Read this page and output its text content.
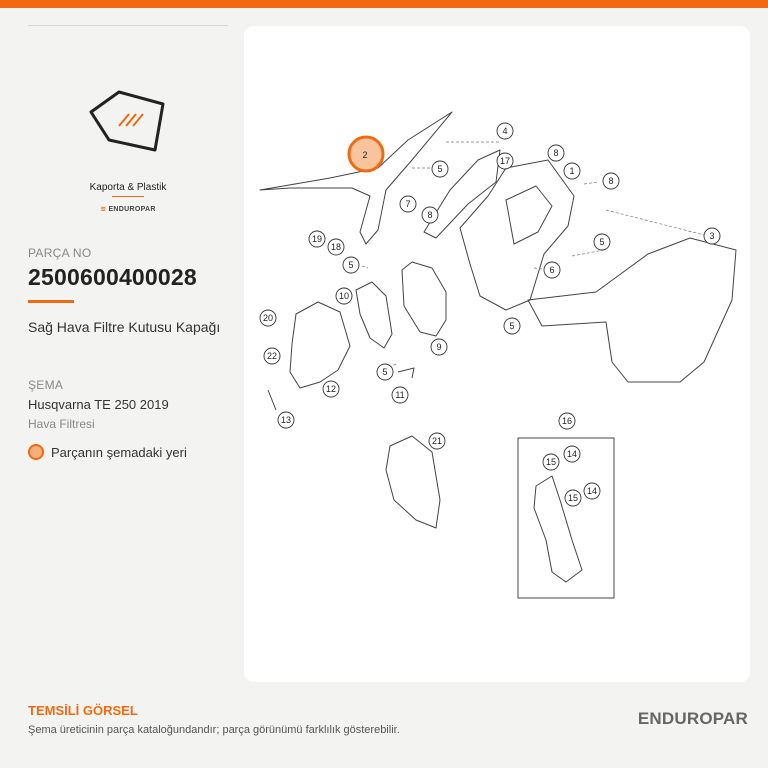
Kaporta & Plastik
≋ ENDUROPAR
PARÇA NO
2500600400028
Sağ Hava Filtre Kutusu Kapağı
ŞEMA
Husqvarna TE 250 2019
Hava Filtresi
Parçanın şemadaki yeri
2
1
4
5
17
8
8
3
5
6
5
7
8
19
18
5
10
9
5
11
20
22
12
13
21
16
15
14
15
14
TEMSİLİ GÖRSEL
Şema üreticinin parça kataloğundandır; parça görünümü farklılık gösterebilir.
ENDUROPAR
